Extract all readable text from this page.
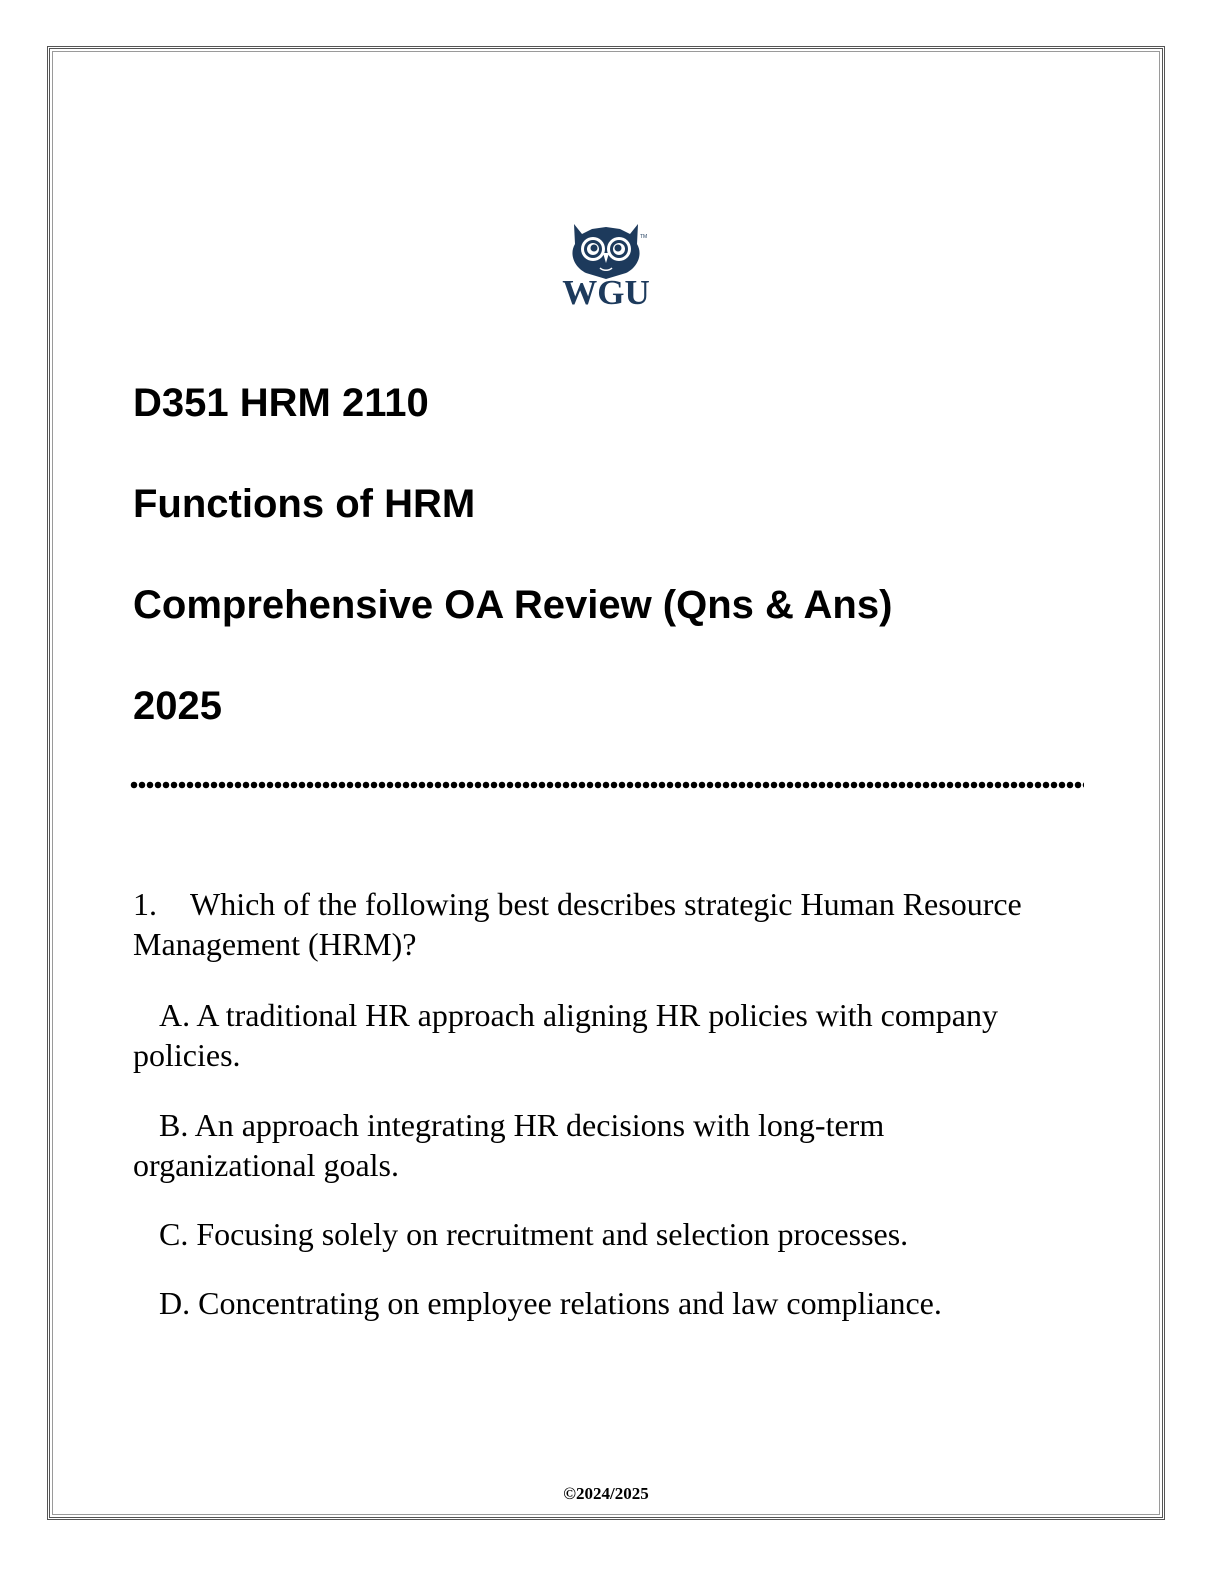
TM
WGU
D351 HRM 2110
Functions of HRM
Comprehensive OA Review (Qns & Ans)
2025

1. Which of the following best describes strategic Human Resource Management (HRM)?

A. A traditional HR approach aligning HR policies with company policies.

B. An approach integrating HR decisions with long-term organizational goals.

C. Focusing solely on recruitment and selection processes.

D. Concentrating on employee relations and law compliance.

©2024/2025
